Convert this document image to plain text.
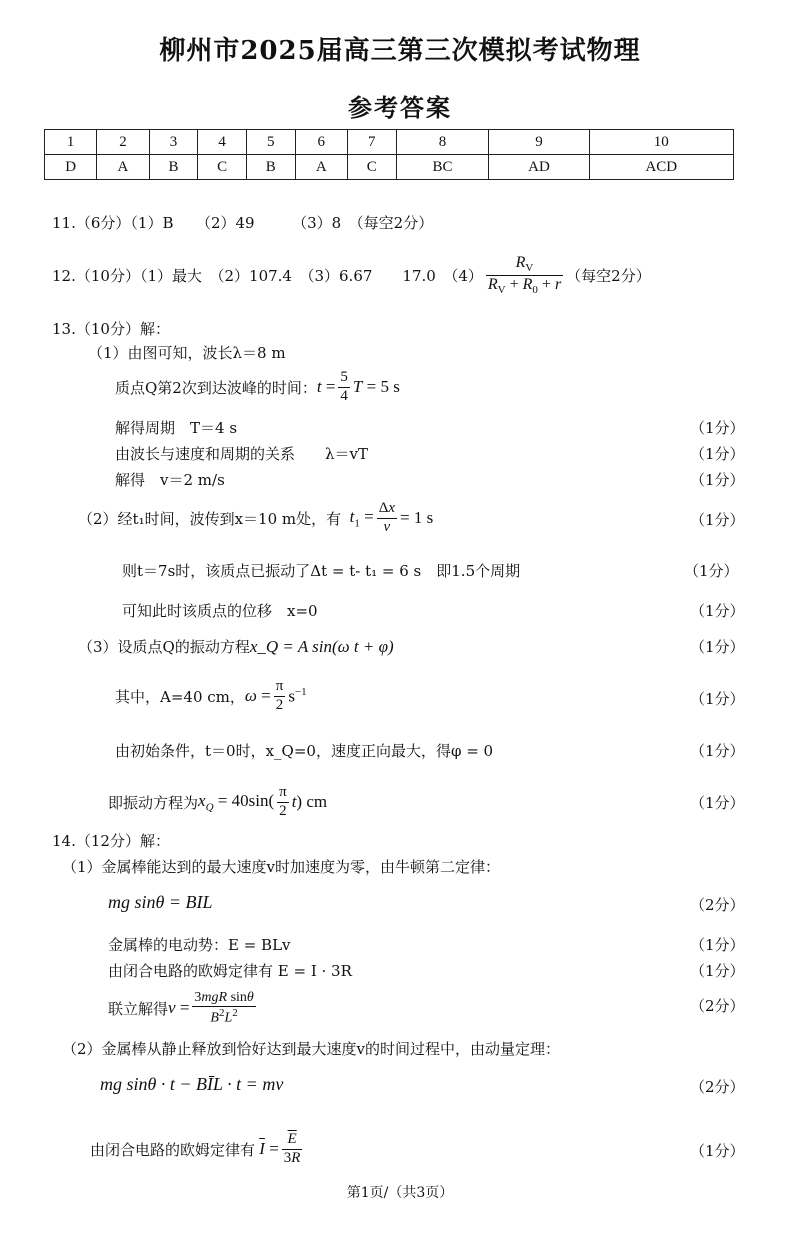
柳州市2025届高三第三次模拟考试物理
参考答案
1	2	3	4	5	6	7	8	9	10
D	A	B	C	B	A	C	BC	AD	ACD
11.（6分）（1）B　　（2）49　　　（3）8　（每空2分）
12.（10分）（1）最大　（2）107.4　（3）6.67　　17.0　$(4) \frac{R_V}{R_V + R_0 + r}$ （每空2分）
13.（10分）解：
（1）由图可知，波长λ＝8 m
质点Q第2次到达波峰的时间： $t = \frac{5}{4}$ T = 5 s
解得周期　T＝4 s	（1分）
由波长与速度和周期的关系　　λ＝vT	（1分）
解得　v＝2 m/s	（1分）
（2）经t₁时间，波传到x＝10 m处，有 $t_1 = \frac{\Delta x}{v} = 1$ s	（1分）
则t＝7s时，该质点已振动了Δt = t- t₁ = 6 s　即1.5个周期	（1分）
可知此时该质点的位移　x=0	（1分）
（3）设质点Q的振动方程x_Q = A sin(ω t + φ)	（1分）
其中，A=40 cm， $\omega = \frac{\pi}{2} s^{-1}$	（1分）
由初始条件，t＝0时，x_Q=0，速度正向最大，得φ = 0	（1分）
即振动方程为 $x_Q = 40\sin( \frac{\pi}{2} t)$ cm	（1分）
14.（12分）解：
（1）金属棒能达到的最大速度v时加速度为零，由牛顿第二定律：
mg sinθ = BIL	（2分）
金属棒的电动势：E = BLv	（1分）
由闭合电路的欧姆定律有 E = I · 3R	（1分）
联立解得 $v = \frac{\text{3mgR sinθ}}{B^2L^2}$	（2分）
（2）金属棒从静止释放到恰好达到最大速度v的时间过程中，由动量定理：
mg sinθ · t − BĪL · t = mv	（2分）
由闭合电路的欧姆定律有 $\overline{I} = \frac{\overline{E}}{3R}$	（1分）
第1页/（共3页）
